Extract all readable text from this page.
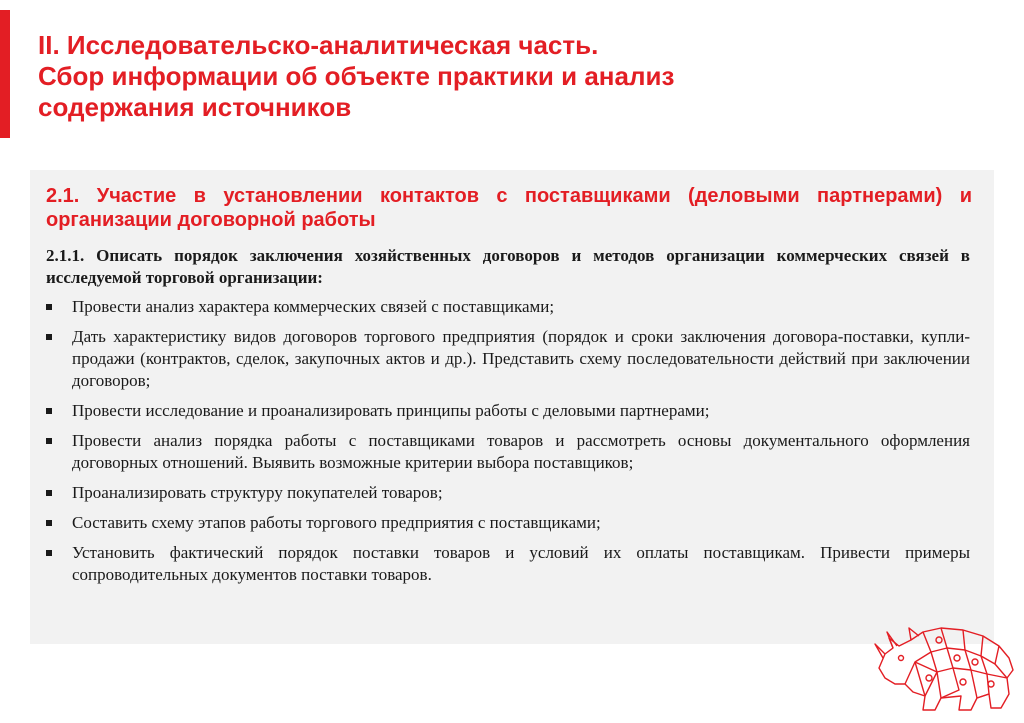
II. Исследовательско-аналитическая часть.
Сбор информации об объекте практики и анализ
содержания источников
2.1. Участие в установлении контактов с поставщиками (деловыми партнерами) и организации договорной работы

2.1.1. Описать порядок заключения хозяйственных договоров и методов организации коммерческих связей в исследуемой торговой организации:

Провести анализ характера коммерческих связей с поставщиками;
Дать характеристику видов договоров торгового предприятия (порядок и сроки заключения договора-поставки, купли-продажи (контрактов, сделок, закупочных актов и др.). Представить схему последовательности действий при заключении договоров;
Провести исследование и проанализировать принципы работы с деловыми партнерами;
Провести анализ порядка работы с поставщиками товаров и рассмотреть основы документального оформления договорных отношений. Выявить возможные критерии выбора поставщиков;
Проанализировать структуру покупателей товаров;
Составить схему этапов работы торгового предприятия с поставщиками;
Установить фактический порядок поставки товаров и условий их оплаты поставщикам. Привести примеры сопроводительных документов поставки товаров.
